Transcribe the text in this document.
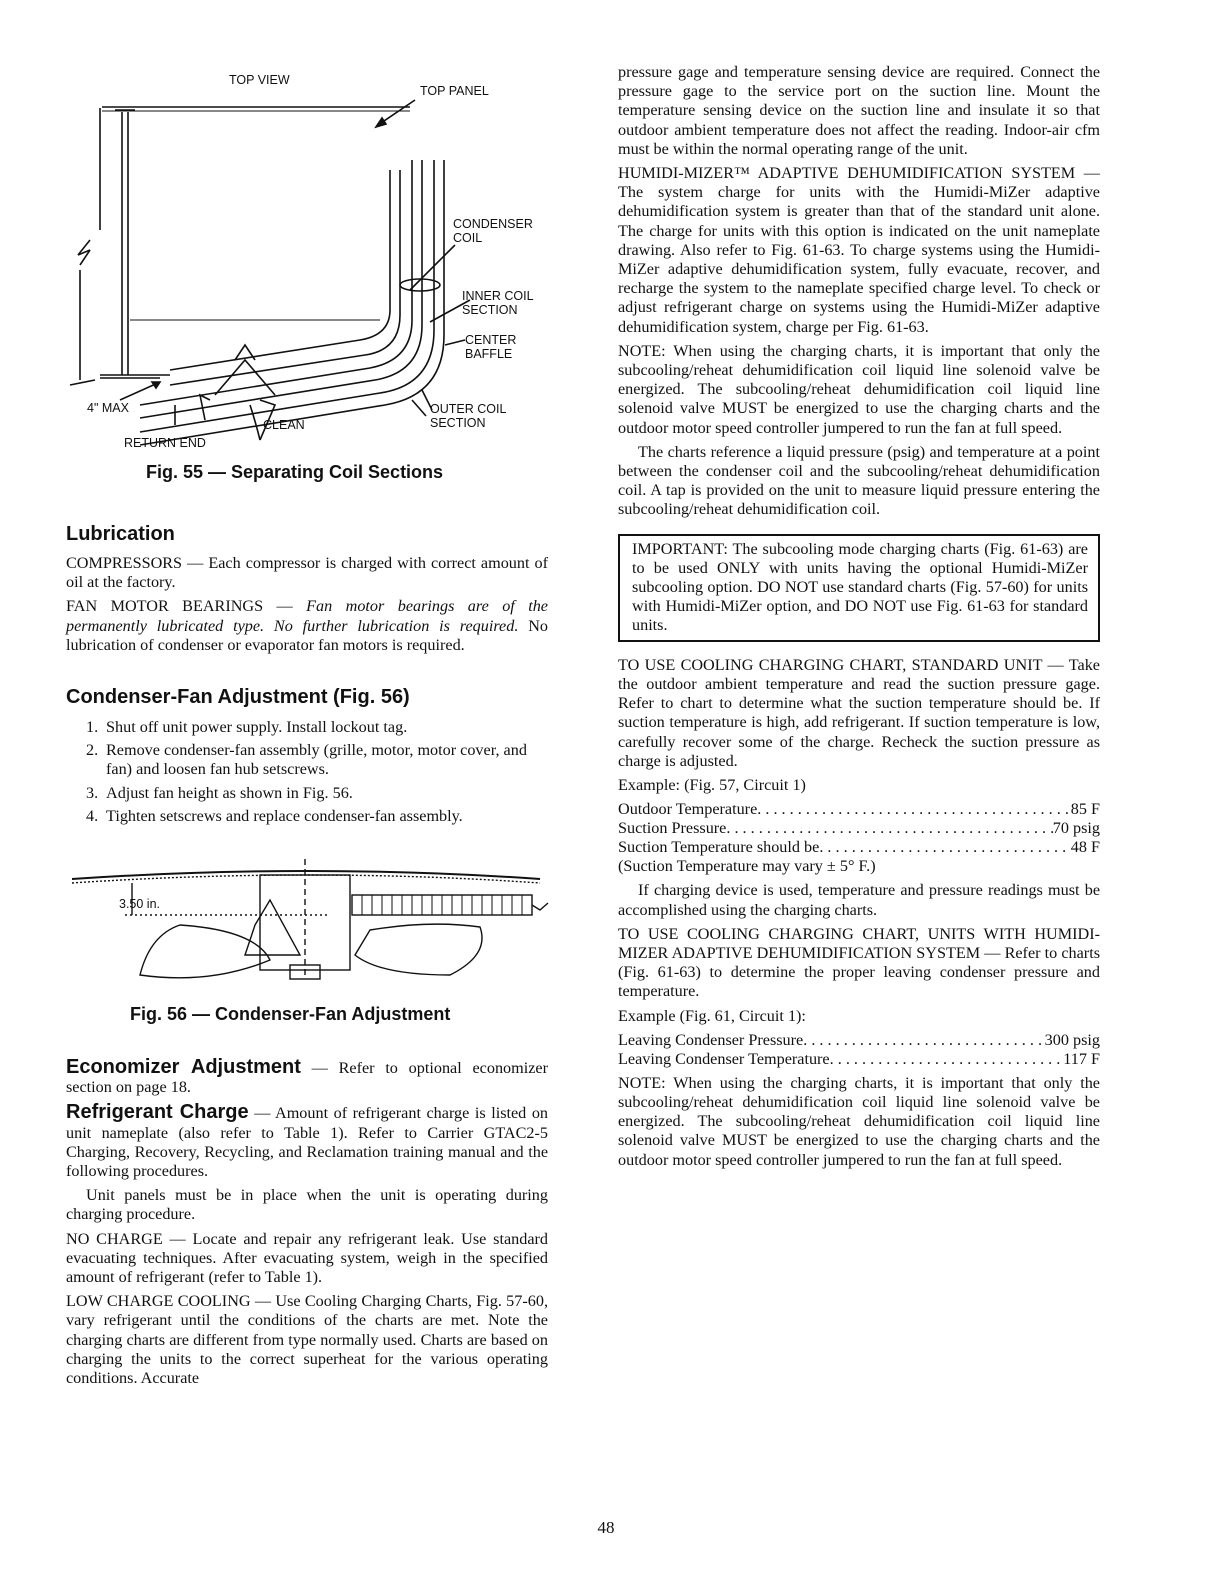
TOP VIEW
TOP PANEL
CONDENSER
COIL
INNER COIL
SECTION
CENTER
BAFFLE
4" MAX	OUTER COIL
SECTION
CLEAN
RETURN END
Fig. 55 — Separating Coil Sections
Lubrication

COMPRESSORS — Each compressor is charged with correct amount of oil at the factory.

FAN MOTOR BEARINGS — Fan motor bearings are of the permanently lubricated type. No further lubrication is required. No lubrication of condenser or evaporator fan motors is required.

Condenser-Fan Adjustment (Fig. 56)
1. Shut off unit power supply. Install lockout tag.
2. Remove condenser-fan assembly (grille, motor, motor cover, and fan) and loosen fan hub setscrews.
3. Adjust fan height as shown in Fig. 56.
4. Tighten setscrews and replace condenser-fan assembly.
3.50 in.
Fig. 56 — Condenser-Fan Adjustment

Economizer Adjustment — Refer to optional economizer section on page 18.

Refrigerant Charge — Amount of refrigerant charge is listed on unit nameplate (also refer to Table 1). Refer to Carrier GTAC2-5 Charging, Recovery, Recycling, and Reclamation training manual and the following procedures.

Unit panels must be in place when the unit is operating during charging procedure.

NO CHARGE — Locate and repair any refrigerant leak. Use standard evacuating techniques. After evacuating system, weigh in the specified amount of refrigerant (refer to Table 1).

LOW CHARGE COOLING — Use Cooling Charging Charts, Fig. 57-60, vary refrigerant until the conditions of the charts are met. Note the charging charts are different from type normally used. Charts are based on charging the units to the correct superheat for the various operating conditions. Accurate

pressure gage and temperature sensing device are required. Connect the pressure gage to the service port on the suction line. Mount the temperature sensing device on the suction line and insulate it so that outdoor ambient temperature does not affect the reading. Indoor-air cfm must be within the normal operating range of the unit.

HUMIDI-MIZER™ ADAPTIVE DEHUMIDIFICATION SYSTEM — The system charge for units with the Humidi-MiZer adaptive dehumidification system is greater than that of the standard unit alone. The charge for units with this option is indicated on the unit nameplate drawing. Also refer to Fig. 61-63. To charge systems using the Humidi-MiZer adaptive dehumidification system, fully evacuate, recover, and recharge the system to the nameplate specified charge level. To check or adjust refrigerant charge on systems using the Humidi-MiZer adaptive dehumidification system, charge per Fig. 61-63.

NOTE: When using the charging charts, it is important that only the subcooling/reheat dehumidification coil liquid line solenoid valve be energized. The subcooling/reheat dehumidification coil liquid line solenoid valve MUST be energized to use the charging charts and the outdoor motor speed controller jumpered to run the fan at full speed.

The charts reference a liquid pressure (psig) and temperature at a point between the condenser coil and the subcooling/reheat dehumidification coil. A tap is provided on the unit to measure liquid pressure entering the subcooling/reheat dehumidification coil.

IMPORTANT: The subcooling mode charging charts (Fig. 61-63) are to be used ONLY with units having the optional Humidi-MiZer subcooling option. DO NOT use standard charts (Fig. 57-60) for units with Humidi-MiZer option, and DO NOT use Fig. 61-63 for standard units.

TO USE COOLING CHARGING CHART, STANDARD UNIT — Take the outdoor ambient temperature and read the suction pressure gage. Refer to chart to determine what the suction temperature should be. If suction temperature is high, add refrigerant. If suction temperature is low, carefully recover some of the charge. Recheck the suction pressure as charge is adjusted.

Example: (Fig. 57, Circuit 1)

Outdoor Temperature . . .	85 F
Suction Pressure . . .	70 psig
Suction Temperature should be . . .	48 F

(Suction Temperature may vary ± 5° F.)

If charging device is used, temperature and pressure readings must be accomplished using the charging charts.

TO USE COOLING CHARGING CHART, UNITS WITH HUMIDI-MIZER ADAPTIVE DEHUMIDIFICATION SYSTEM — Refer to charts (Fig. 61-63) to determine the proper leaving condenser pressure and temperature.

Example (Fig. 61, Circuit 1):

Leaving Condenser Pressure . . .	300 psig
Leaving Condenser Temperature . . .	117 F

NOTE: When using the charging charts, it is important that only the subcooling/reheat dehumidification coil liquid line solenoid valve be energized. The subcooling/reheat dehumidification coil liquid line solenoid valve MUST be energized to use the charging charts and the outdoor motor speed controller jumpered to run the fan at full speed.

48
